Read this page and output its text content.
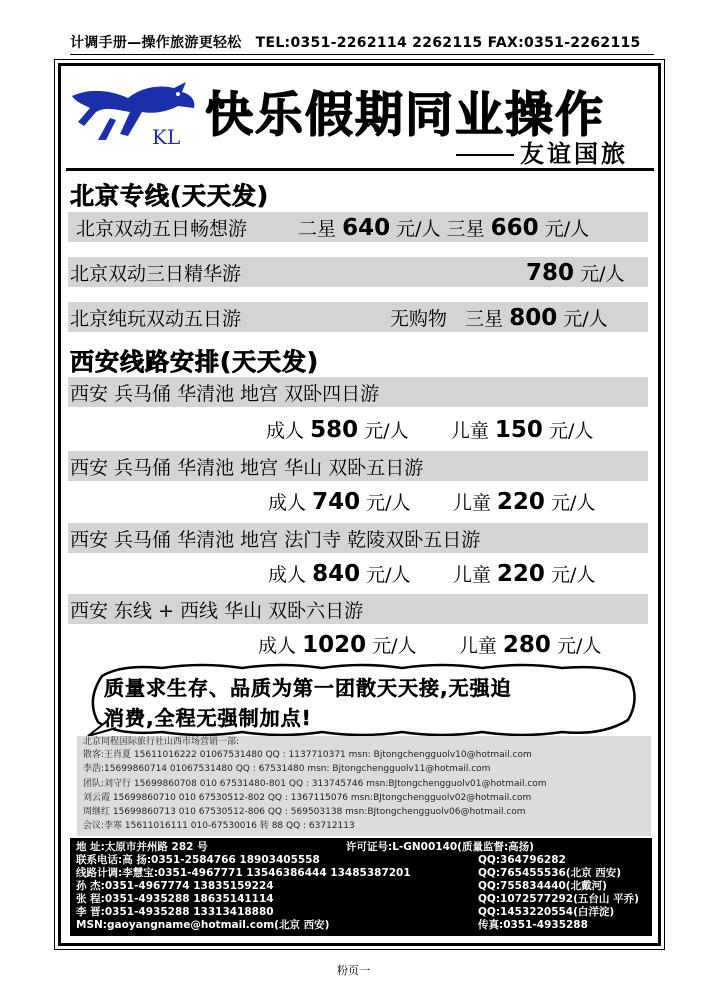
计调手册—操作旅游更轻松 TEL:0351-2262114 2262115 FAX:0351-2262115
KL 快乐假期同业操作
友谊国旅
北京专线(天天发)
北京双动五日畅想游	二星 640 元/人 三星 660 元/人
北京双动三日精华游	780 元/人
北京纯玩双动五日游	无购物 三星 800 元/人
西安线路安排(天天发)
西安 兵马俑 华清池 地宫 双卧四日游
成人 580 元/人 儿童 150 元/人
西安 兵马俑 华清池 地宫 华山 双卧五日游
成人 740 元/人 儿童 220 元/人
西安 兵马俑 华清池 地宫 法门寺 乾陵双卧五日游
成人 840 元/人 儿童 220 元/人
西安 东线 + 西线 华山 双卧六日游
成人 1020 元/人 儿童 280 元/人
质量求生存、品质为第一团散天天接,无强迫
消费,全程无强制加点!
北京同程国际旅行社山西市场营销一部:
散客:王肖夏 15611016222 01067531480 QQ : 1137710371 msn: Bjtongchengguolv10@hotmail.com
李浩:15699860714 01067531480 QQ : 67531480 msn: Bjtongchengguolv11@hotmail.com
团队:刘守行 15699860708 010 67531480-801 QQ : 313745746 msn:BJtongchengguolv01@hotmail.com
刘云霞 15699860710 010 67530512-802 QQ : 1367115076 msn:BJtongchengguolv02@hotmail.com
周继红 15699860713 010 67530512-806 QQ : 569503138 msn:BJtongchengguolv06@hotmail.com
会议:李寒 15611016111 010-67530016 转 88 QQ : 63712113
地 址:太原市并州路 282 号	许可证号:L-GN00140(质量监督:高扬)
联系电话:高 扬:0351-2584766 18903405558	QQ:364796282
线路计调:李慧宝:0351-4967771 13546386444 13485387201	QQ:765455536(北京 西安)
孙 杰:0351-4967774 13835159224	QQ:755834440(北戴河)
张 程:0351-4935288 18635141114	QQ:1072577292(五台山 平乔)
李 晋:0351-4935288 13313418880	QQ:1453220554(白洋淀)
MSN:gaoyangname@hotmail.com(北京 西安)	传真:0351-4935288
粉页一
